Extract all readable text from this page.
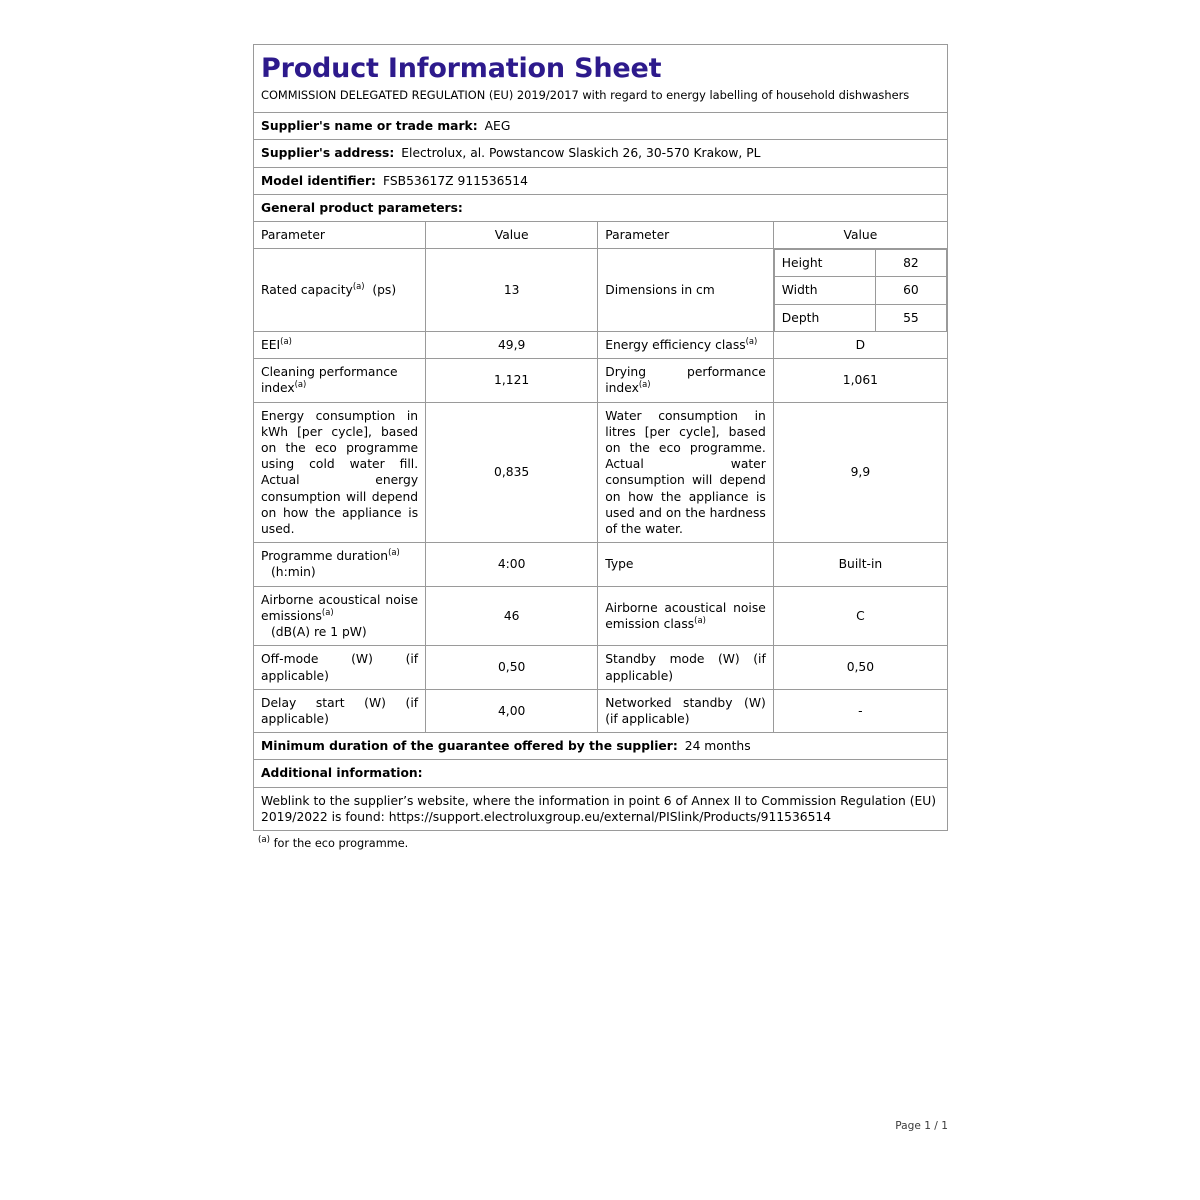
Product Information Sheet

COMMISSION DELEGATED REGULATION (EU) 2019/2017 with regard to energy labelling of household dishwashers

Supplier's name or trade mark: AEG
Supplier's address: Electrolux, al. Powstancow Slaskich 26, 30-570 Krakow, PL
Model identifier: FSB53617Z 911536514
General product parameters:
Parameter	Value	Parameter	Value
Rated capacity$^{(a)}$ (ps)	13	Dimensions in cm	
Height	82
Width	60
Depth	55

EEI$^{(a)}$	49,9	Energy efficiency class$^{(a)}$	D
Cleaning performance index$^{(a)}$	1,121	Drying performance index$^{(a)}$	1,061
Energy consumption in kWh [per cycle], based on the eco programme using cold water fill. Actual energy consumption will depend on how the appliance is used.	0,835	Water consumption in litres [per cycle], based on the eco programme. Actual water consumption will depend on how the appliance is used and on the hardness of the water.	9,9
Programme duration$^{(a)}$
(h:min)	4:00	Type	Built-in
Airborne acoustical noise emissions$^{(a)}$
(dB(A) re 1 pW)	46	Airborne acoustical noise emission class$^{(a)}$	C
Off-mode (W) (if applicable)	0,50	Standby mode (W) (if applicable)	0,50
Delay start (W) (if applicable)	4,00	Networked standby (W) (if applicable)	-
Minimum duration of the guarantee offered by the supplier: 24 months
Additional information:
Weblink to the supplier’s website, where the information in point 6 of Annex II to Commission Regulation (EU) 2019/2022 is found: https://support.electroluxgroup.eu/external/PISlink/Products/911536514
$^{(a)}$ for the eco programme.
Page 1 / 1
